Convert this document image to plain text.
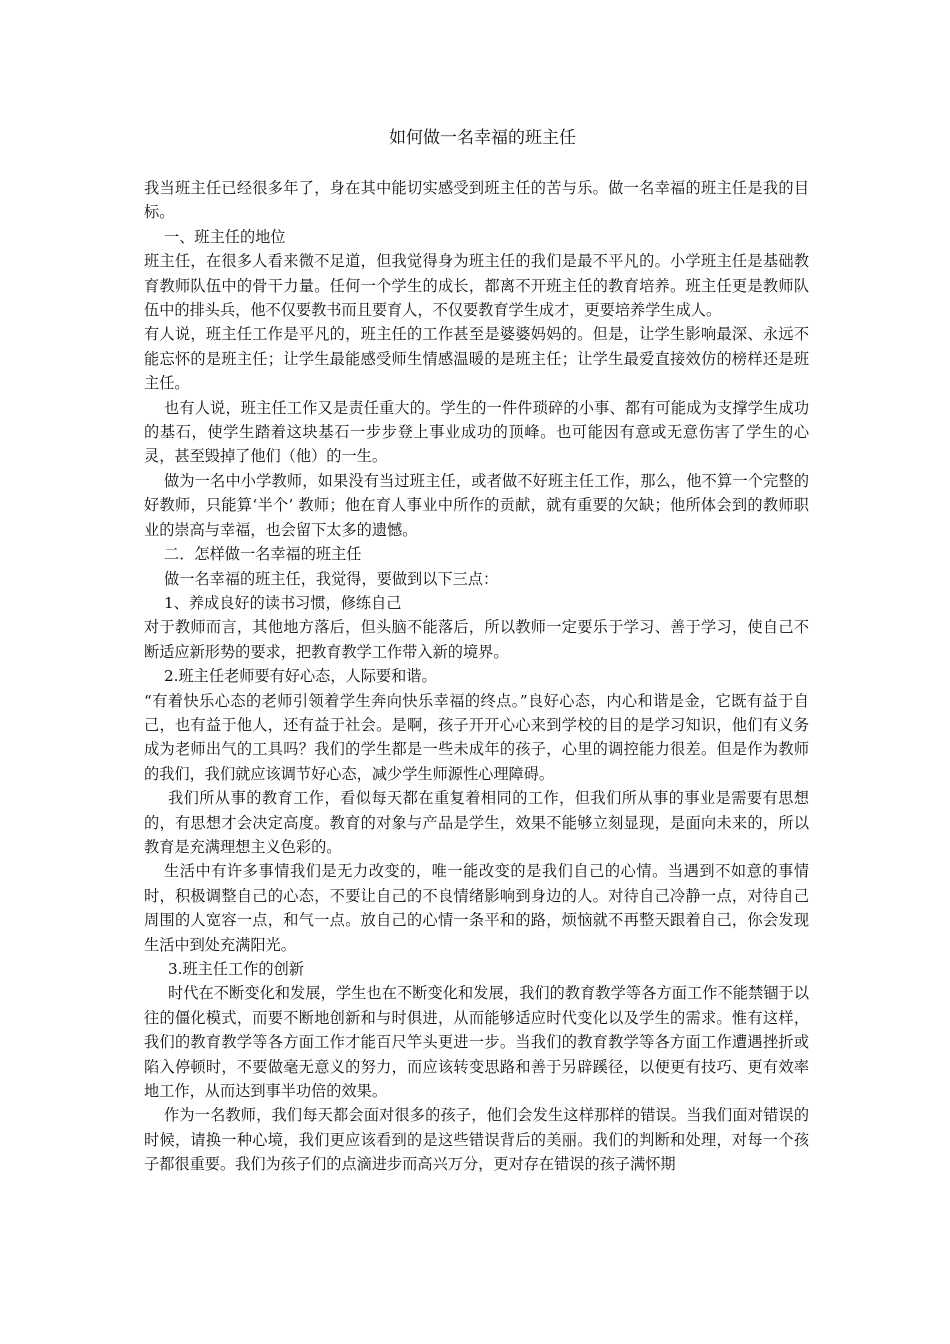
如何做一名幸福的班主任

我当班主任已经很多年了，身在其中能切实感受到班主任的苦与乐。做一名幸福的班主任是我的目标。

一、班主任的地位

班主任，在很多人看来微不足道，但我觉得身为班主任的我们是最不平凡的。小学班主任是基础教育教师队伍中的骨干力量。任何一个学生的成长，都离不开班主任的教育培养。班主任更是教师队伍中的排头兵，他不仅要教书而且要育人，不仅要教育学生成才，更要培养学生成人。

有人说，班主任工作是平凡的，班主任的工作甚至是婆婆妈妈的。但是，让学生影响最深、永远不能忘怀的是班主任；让学生最能感受师生情感温暖的是班主任；让学生最爱直接效仿的榜样还是班主任。

也有人说，班主任工作又是责任重大的。学生的一件件琐碎的小事、都有可能成为支撑学生成功的基石，使学生踏着这块基石一步步登上事业成功的顶峰。也可能因有意或无意伤害了学生的心灵，甚至毁掉了他们（他）的一生。

做为一名中小学教师，如果没有当过班主任，或者做不好班主任工作，那么，他不算一个完整的好教师，只能算‘半个’ 教师；他在育人事业中所作的贡献，就有重要的欠缺；他所体会到的教师职业的崇高与幸福，也会留下太多的遗憾。

二．怎样做一名幸福的班主任

做一名幸福的班主任，我觉得，要做到以下三点：

1、养成良好的读书习惯，修练自己

对于教师而言，其他地方落后，但头脑不能落后，所以教师一定要乐于学习、善于学习，使自己不断适应新形势的要求，把教育教学工作带入新的境界。

2.班主任老师要有好心态，人际要和谐。

“有着快乐心态的老师引领着学生奔向快乐幸福的终点。”良好心态，内心和谐是金，它既有益于自己，也有益于他人，还有益于社会。是啊，孩子开开心心来到学校的目的是学习知识，他们有义务成为老师出气的工具吗？我们的学生都是一些未成年的孩子，心里的调控能力很差。但是作为教师的我们，我们就应该调节好心态，减少学生师源性心理障碍。

我们所从事的教育工作，看似每天都在重复着相同的工作，但我们所从事的事业是需要有思想的，有思想才会决定高度。教育的对象与产品是学生，效果不能够立刻显现，是面向未来的，所以教育是充满理想主义色彩的。

生活中有许多事情我们是无力改变的，唯一能改变的是我们自己的心情。当遇到不如意的事情时，积极调整自己的心态，不要让自己的不良情绪影响到身边的人。对待自己冷静一点，对待自己周围的人宽容一点，和气一点。放自己的心情一条平和的路，烦恼就不再整天跟着自己，你会发现生活中到处充满阳光。

3.班主任工作的创新

时代在不断变化和发展，学生也在不断变化和发展，我们的教育教学等各方面工作不能禁锢于以往的僵化模式，而要不断地创新和与时俱进，从而能够适应时代变化以及学生的需求。惟有这样，我们的教育教学等各方面工作才能百尺竿头更进一步。当我们的教育教学等各方面工作遭遇挫折或陷入停顿时，不要做毫无意义的努力，而应该转变思路和善于另辟蹊径，以便更有技巧、更有效率地工作，从而达到事半功倍的效果。

作为一名教师，我们每天都会面对很多的孩子，他们会发生这样那样的错误。当我们面对错误的时候，请换一种心境，我们更应该看到的是这些错误背后的美丽。我们的判断和处理，对每一个孩子都很重要。我们为孩子们的点滴进步而高兴万分，更对存在错误的孩子满怀期
